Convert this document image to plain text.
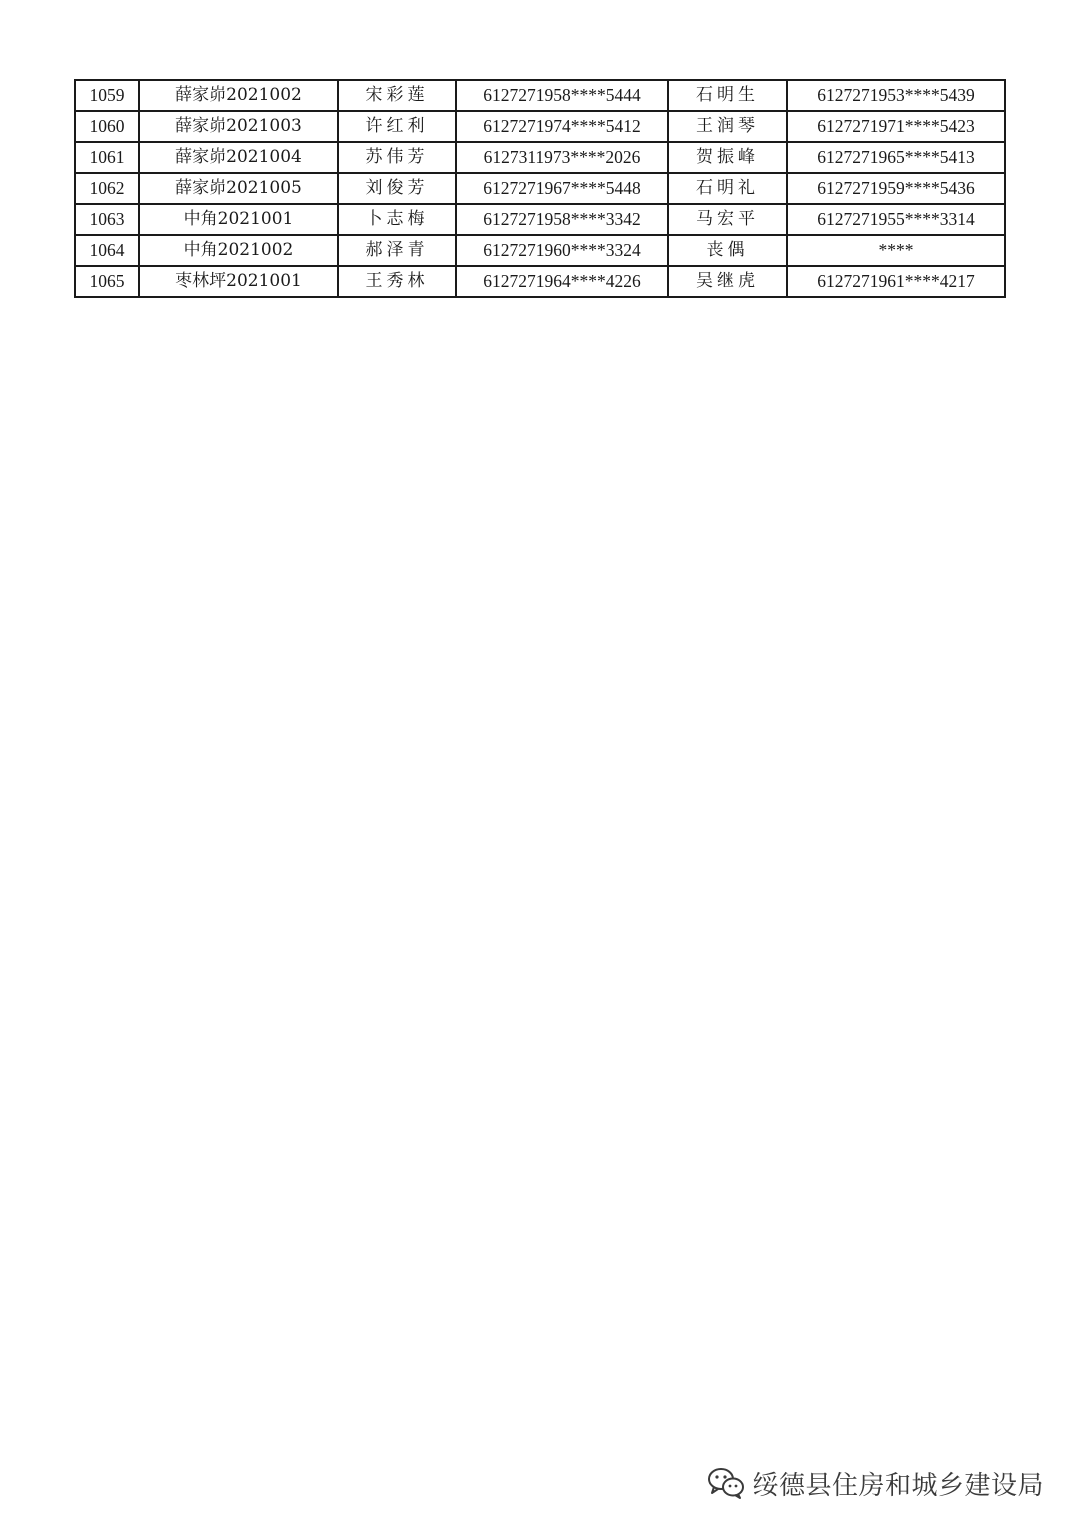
1059	薛家峁2021002	宋彩莲	6127271958****5444	石明生	6127271953****5439
1060	薛家峁2021003	许红利	6127271974****5412	王润琴	6127271971****5423
1061	薛家峁2021004	苏伟芳	6127311973****2026	贺振峰	6127271965****5413
1062	薛家峁2021005	刘俊芳	6127271967****5448	石明礼	6127271959****5436
1063	中角2021001	卜志梅	6127271958****3342	马宏平	6127271955****3314
1064	中角2021002	郝泽青	6127271960****3324	丧偶	****
1065	枣林坪2021001	王秀林	6127271964****4226	吴继虎	6127271961****4217
绥德县住房和城乡建设局
